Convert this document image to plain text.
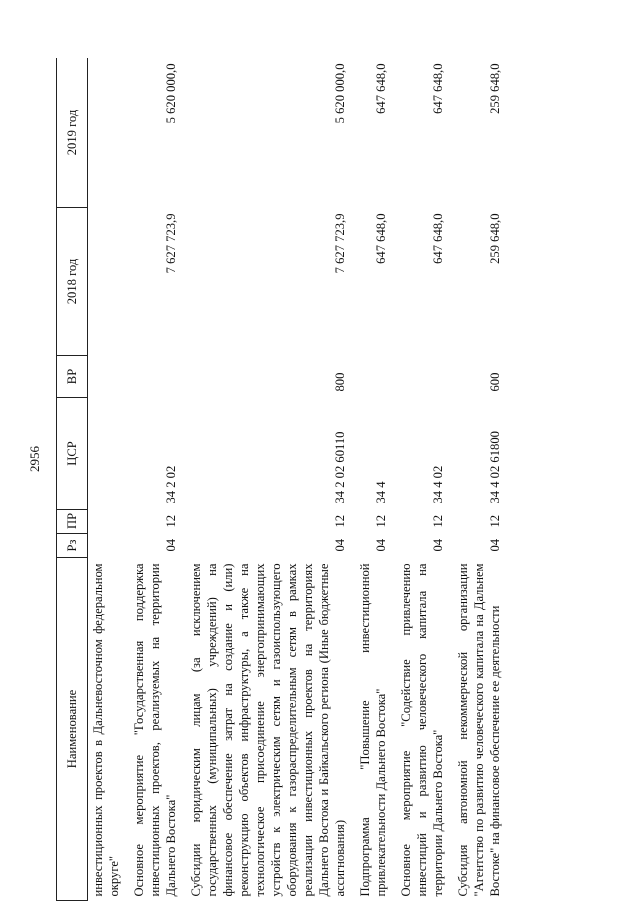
2956
Наименование	Рз	ПР	ЦСР	ВР	2018 год	2019 год
инвестиционных проектов в Дальневосточном федеральном округе"						
Основное мероприятие "Государственная поддержка инвестиционных проектов, реализуемых на территории Дальнего Востока"	04	12	34 2 02		7 627 723,9	5 620 000,0
Субсидии юридическим лицам (за исключением государственных (муниципальных) учреждений) на финансовое обеспечение затрат на создание и (или) реконструкцию объектов инфраструктуры, а также на технологическое присоединение энергопринимающих устройств к электрическим сетям и газоиспользующего оборудования к газораспределительным сетям в рамках реализации инвестиционных проектов на территориях Дальнего Востока и Байкальского региона (Иные бюджетные ассигнования)	04	12	34 2 02 60110	800	7 627 723,9	5 620 000,0
Подпрограмма "Повышение инвестиционной привлекательности Дальнего Востока"	04	12	34 4		647 648,0	647 648,0
Основное мероприятие "Содействие привлечению инвестиций и развитию человеческого капитала на территории Дальнего Востока"	04	12	34 4 02		647 648,0	647 648,0
Субсидия автономной некоммерческой организации "Агентство по развитию человеческого капитала на Дальнем Востоке" на финансовое обеспечение ее деятельности	04	12	34 4 02 61800	600	259 648,0	259 648,0
